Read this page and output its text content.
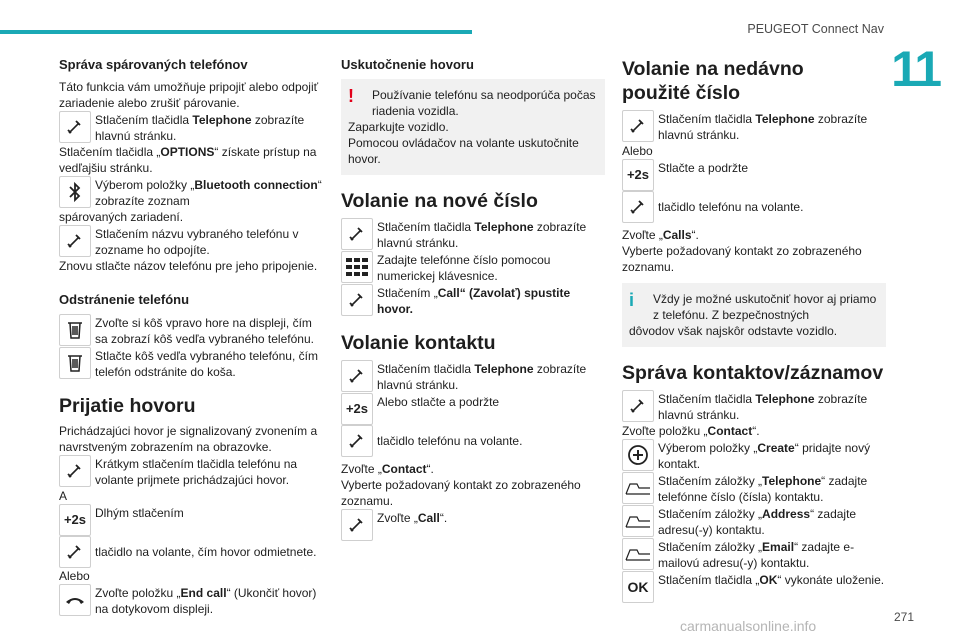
PEUGEOT Connect Nav
11
271
carmanualsonline.info
Správa spárovaných telefónov
Táto funkcia vám umožňuje pripojiť alebo odpojiť zariadenie alebo zrušiť párovanie.
Stlačením tlačidla Telephone zobrazíte hlavnú stránku.
Stlačením tlačidla „OPTIONS“ získate prístup na vedľajšiu stránku.
Výberom položky „Bluetooth connection“ zobrazíte zoznam
spárovaných zariadení.
Stlačením názvu vybraného telefónu v zozname ho odpojíte.
Znovu stlačte názov telefónu pre jeho pripojenie.
Odstránenie telefónu
Zvoľte si kôš vpravo hore na displeji, čím sa zobrazí kôš vedľa vybraného telefónu.
Stlačte kôš vedľa vybraného telefónu, čím telefón odstránite do koša.
Prijatie hovoru
Prichádzajúci hovor je signalizovaný zvonením a navrstveným zobrazením na obrazovke.
Krátkym stlačením tlačidla telefónu na volante prijmete prichádzajúci hovor.
A
+2s Dlhým stlačením
tlačidlo na volante, čím hovor odmietnete.
Alebo
Zvoľte položku „End call“ (Ukončiť hovor) na dotykovom displeji.
Uskutočnenie hovoru
!	Používanie telefónu sa neodporúča počas riadenia vozidla.
Zaparkujte vozidlo.
Pomocou ovládačov na volante uskutočnite hovor.
Volanie na nové číslo
Stlačením tlačidla Telephone zobrazíte hlavnú stránku.
Zadajte telefónne číslo pomocou numerickej klávesnice.
Stlačením „Call“ (Zavolať) spustite hovor.
Volanie kontaktu
Stlačením tlačidla Telephone zobrazíte hlavnú stránku.
+2s Alebo stlačte a podržte
tlačidlo telefónu na volante.
Zvoľte „Contact“.
Vyberte požadovaný kontakt zo zobrazeného zoznamu.
Zvoľte „Call“.
Volanie na nedávno použité číslo
Stlačením tlačidla Telephone zobrazíte hlavnú stránku.
Alebo
+2s Stlačte a podržte
tlačidlo telefónu na volante.
Zvoľte „Calls“.
Vyberte požadovaný kontakt zo zobrazeného zoznamu.
i	Vždy je možné uskutočniť hovor aj priamo z telefónu. Z bezpečnostných
dôvodov však najskôr odstavte vozidlo.
Správa kontaktov/záznamov
Stlačením tlačidla Telephone zobrazíte hlavnú stránku.
Zvoľte položku „Contact“.
Výberom položky „Create“ pridajte nový kontakt.
Stlačením záložky „Telephone“ zadajte telefónne číslo (čísla) kontaktu.
Stlačením záložky „Address“ zadajte adresu(-y) kontaktu.
Stlačením záložky „Email“ zadajte e-mailovú adresu(-y) kontaktu.
OK Stlačením tlačidla „OK“ vykonáte uloženie.
